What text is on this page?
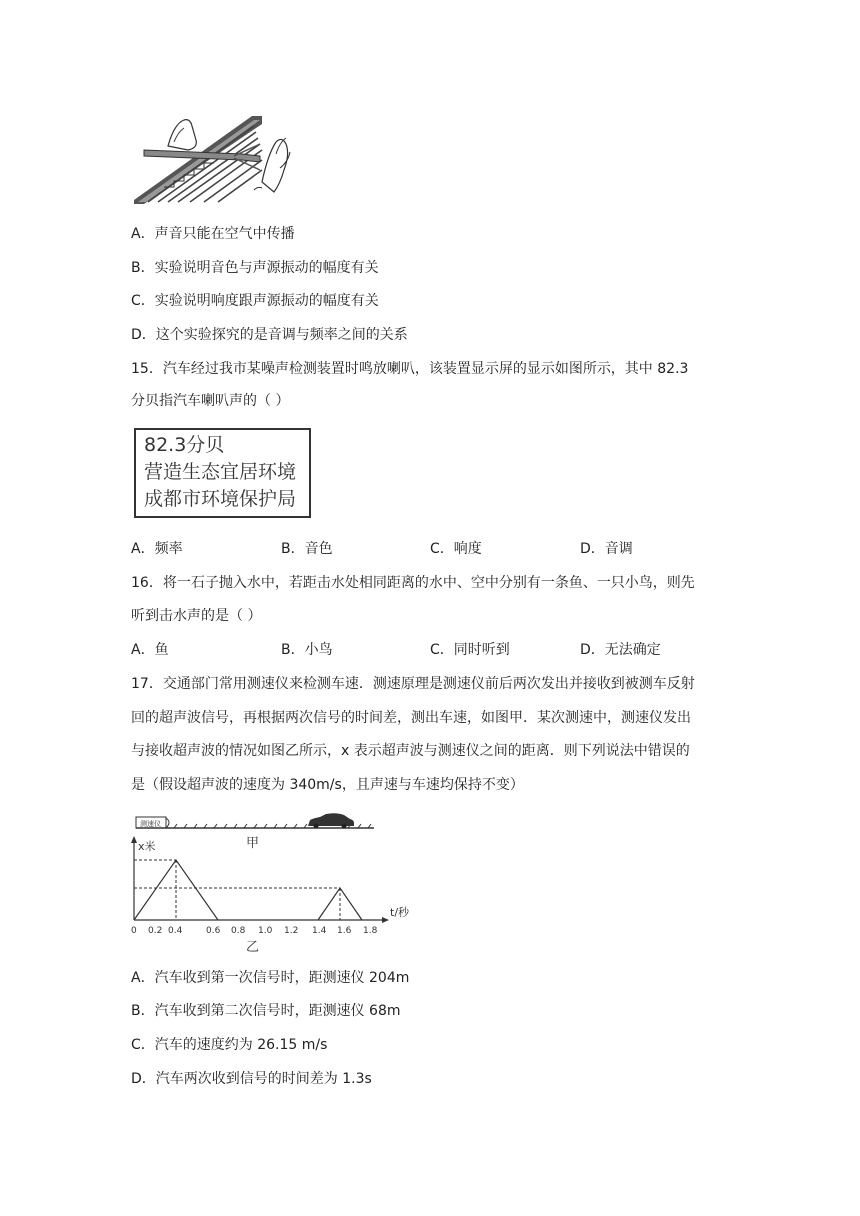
A．声音只能在空气中传播
B．实验说明音色与声源振动的幅度有关
C．实验说明响度跟声源振动的幅度有关
D．这个实验探究的是音调与频率之间的关系
15．汽车经过我市某噪声检测装置时鸣放喇叭，该装置显示屏的显示如图所示，其中 82.3
分贝指汽车喇叭声的（ ）
82.3分贝
营造生态宜居环境
成都市环境保护局
A．频率	B．音色	C．响度	D．音调
16．将一石子抛入水中，若距击水处相同距离的水中、空中分别有一条鱼、一只小鸟，则先
听到击水声的是（ ）
A．鱼	B．小鸟	C．同时听到	D．无法确定
17．交通部门常用测速仪来检测车速．测速原理是测速仪前后两次发出并接收到被测车反射
回的超声波信号，再根据两次信号的时间差，测出车速，如图甲．某次测速中，测速仪发出
与接收超声波的情况如图乙所示，x 表示超声波与测速仪之间的距离．则下列说法中错误的
是（假设超声波的速度为 340m/s，且声速与车速均保持不变）
测速仪
甲
x米
t/秒
0 0.2 0.4	0.6 0.8 1.0 1.2 1.4 1.6 1.8
乙
A．汽车收到第一次信号时，距测速仪 204m
B．汽车收到第二次信号时，距测速仪 68m
C．汽车的速度约为 26.15 m/s
D．汽车两次收到信号的时间差为 1.3s
